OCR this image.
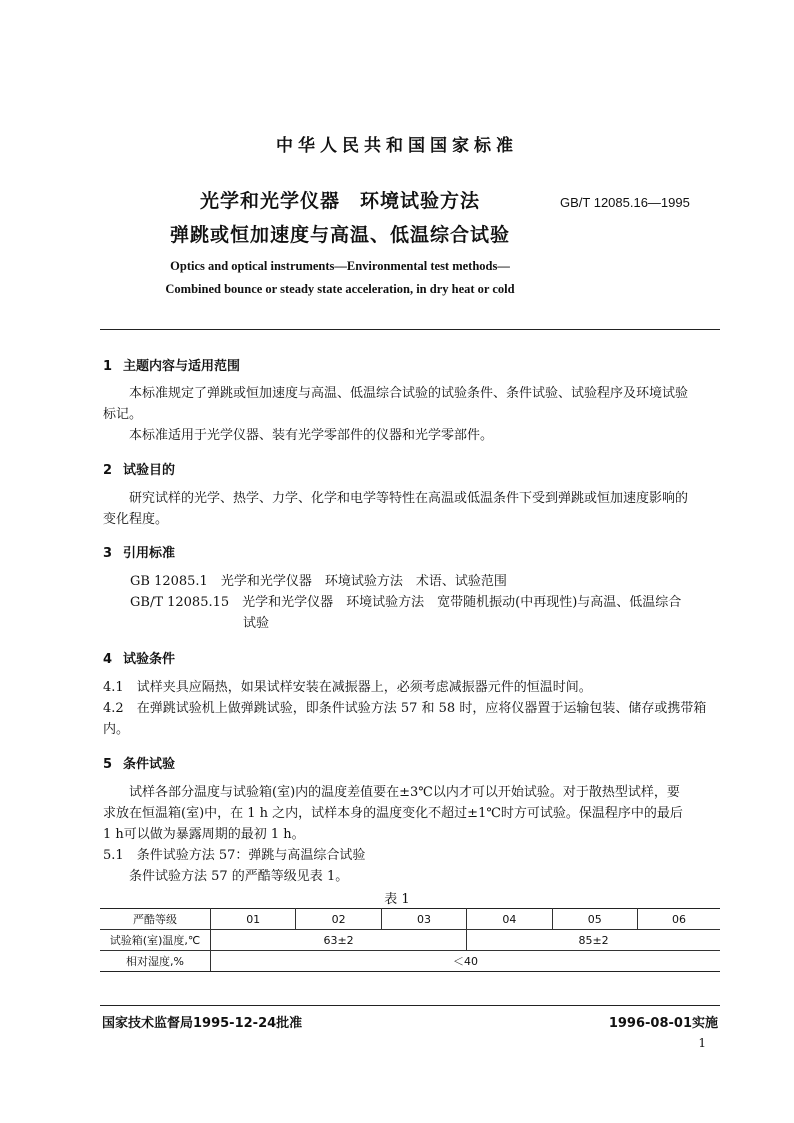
中华人民共和国国家标准
光学和光学仪器　环境试验方法
弹跳或恒加速度与高温、低温综合试验
GB/T 12085.16—1995
Optics and optical instruments—Environmental test methods—
Combined bounce or steady state acceleration, in dry heat or cold
1 主题内容与适用范围
本标准规定了弹跳或恒加速度与高温、低温综合试验的试验条件、条件试验、试验程序及环境试验
标记。
本标准适用于光学仪器、装有光学零部件的仪器和光学零部件。
2 试验目的
研究试样的光学、热学、力学、化学和电学等特性在高温或低温条件下受到弹跳或恒加速度影响的
变化程度。
3 引用标准
GB 12085.1　光学和光学仪器　环境试验方法　术语、试验范围
GB/T 12085.15　光学和光学仪器　环境试验方法　宽带随机振动(中再现性)与高温、低温综合
试验
4 试验条件
4.1　 试样夹具应隔热，如果试样安装在减振器上，必须考虑减振器元件的恒温时间。
4.2　 在弹跳试验机上做弹跳试验，即条件试验方法 57 和 58 时，应将仪器置于运输包装、储存或携带箱
内。
5 条件试验
试样各部分温度与试验箱(室)内的温度差值要在±3℃以内才可以开始试验。对于散热型试样，要
求放在恒温箱(室)中，在 1 h 之内，试样本身的温度变化不超过±1℃时方可试验。保温程序中的最后
1 h可以做为暴露周期的最初 1 h。
5.1　 条件试验方法 57：弹跳与高温综合试验
条件试验方法 57 的严酷等级见表 1。
表 1
严酷等级	01	02	03	04	05	06
试验箱(室)温度,℃	63±2			85±2		
相对湿度,%	＜40					
国家技术监督局1995-12-24批准	1996-08-01实施
1
